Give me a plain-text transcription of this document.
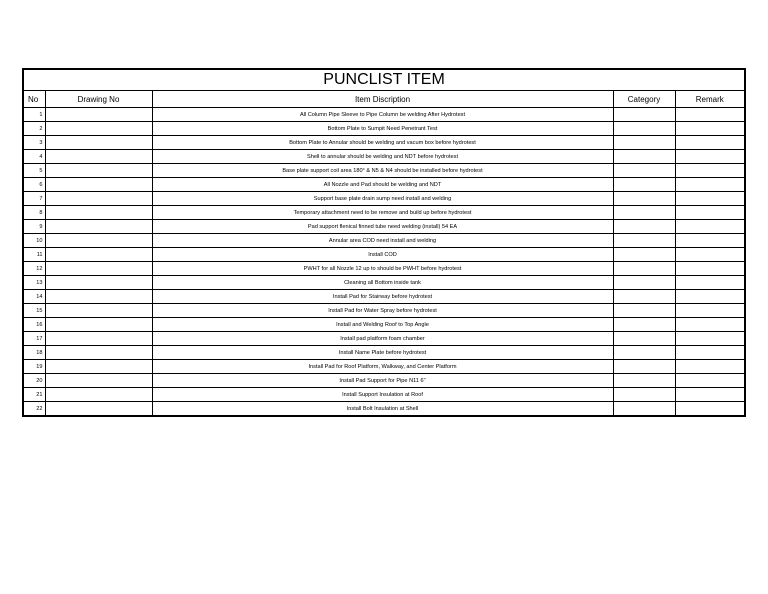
PUNCLIST ITEM				
No	Drawing No	Item Discription	Category	Remark
1		All Column Pipe Sleeve to Pipe Column be welding After Hydrotest		
2		Bottom Plate to Sumpit Need Penetrant Test		
3		Bottom Plate to Annular should be welding and vacum box before hydrotest		
4		Shell to annular should be welding and NDT before hydrotest		
5		Base plate support coil area 180° & N5 & N4 should be installed before hydrotest		
6		All Nozzle and Pad should be welding and NDT		
7		Support base plate drain sump need install and welding		
8		Temporary attachment need to be remove and build up before hydrotest		
9		Pad support flenical finned tube need welding (install) 54 EA		
10		Annular area COD need install and welding		
11		Install COD		
12		PWHT for all Nozzle 12 up to should be PWHT before hydrotest		
13		Cleaning all Bottom inside tank		
14		Install Pad for Stairway before hydrotest		
15		Install Pad for Water Spray before hydrotest		
16		Install and Welding Roof to Top Angle		
17		Install pad platform foam chamber		
18		Install Name Plate before hydrotest		
19		Install Pad for Roof Platform, Walkway, and Center Platform		
20		Install Pad Support for Pipe N11 6"		
21		Install Support Insulation at Roof		
22		Install Bolt Insulation at Shell		
